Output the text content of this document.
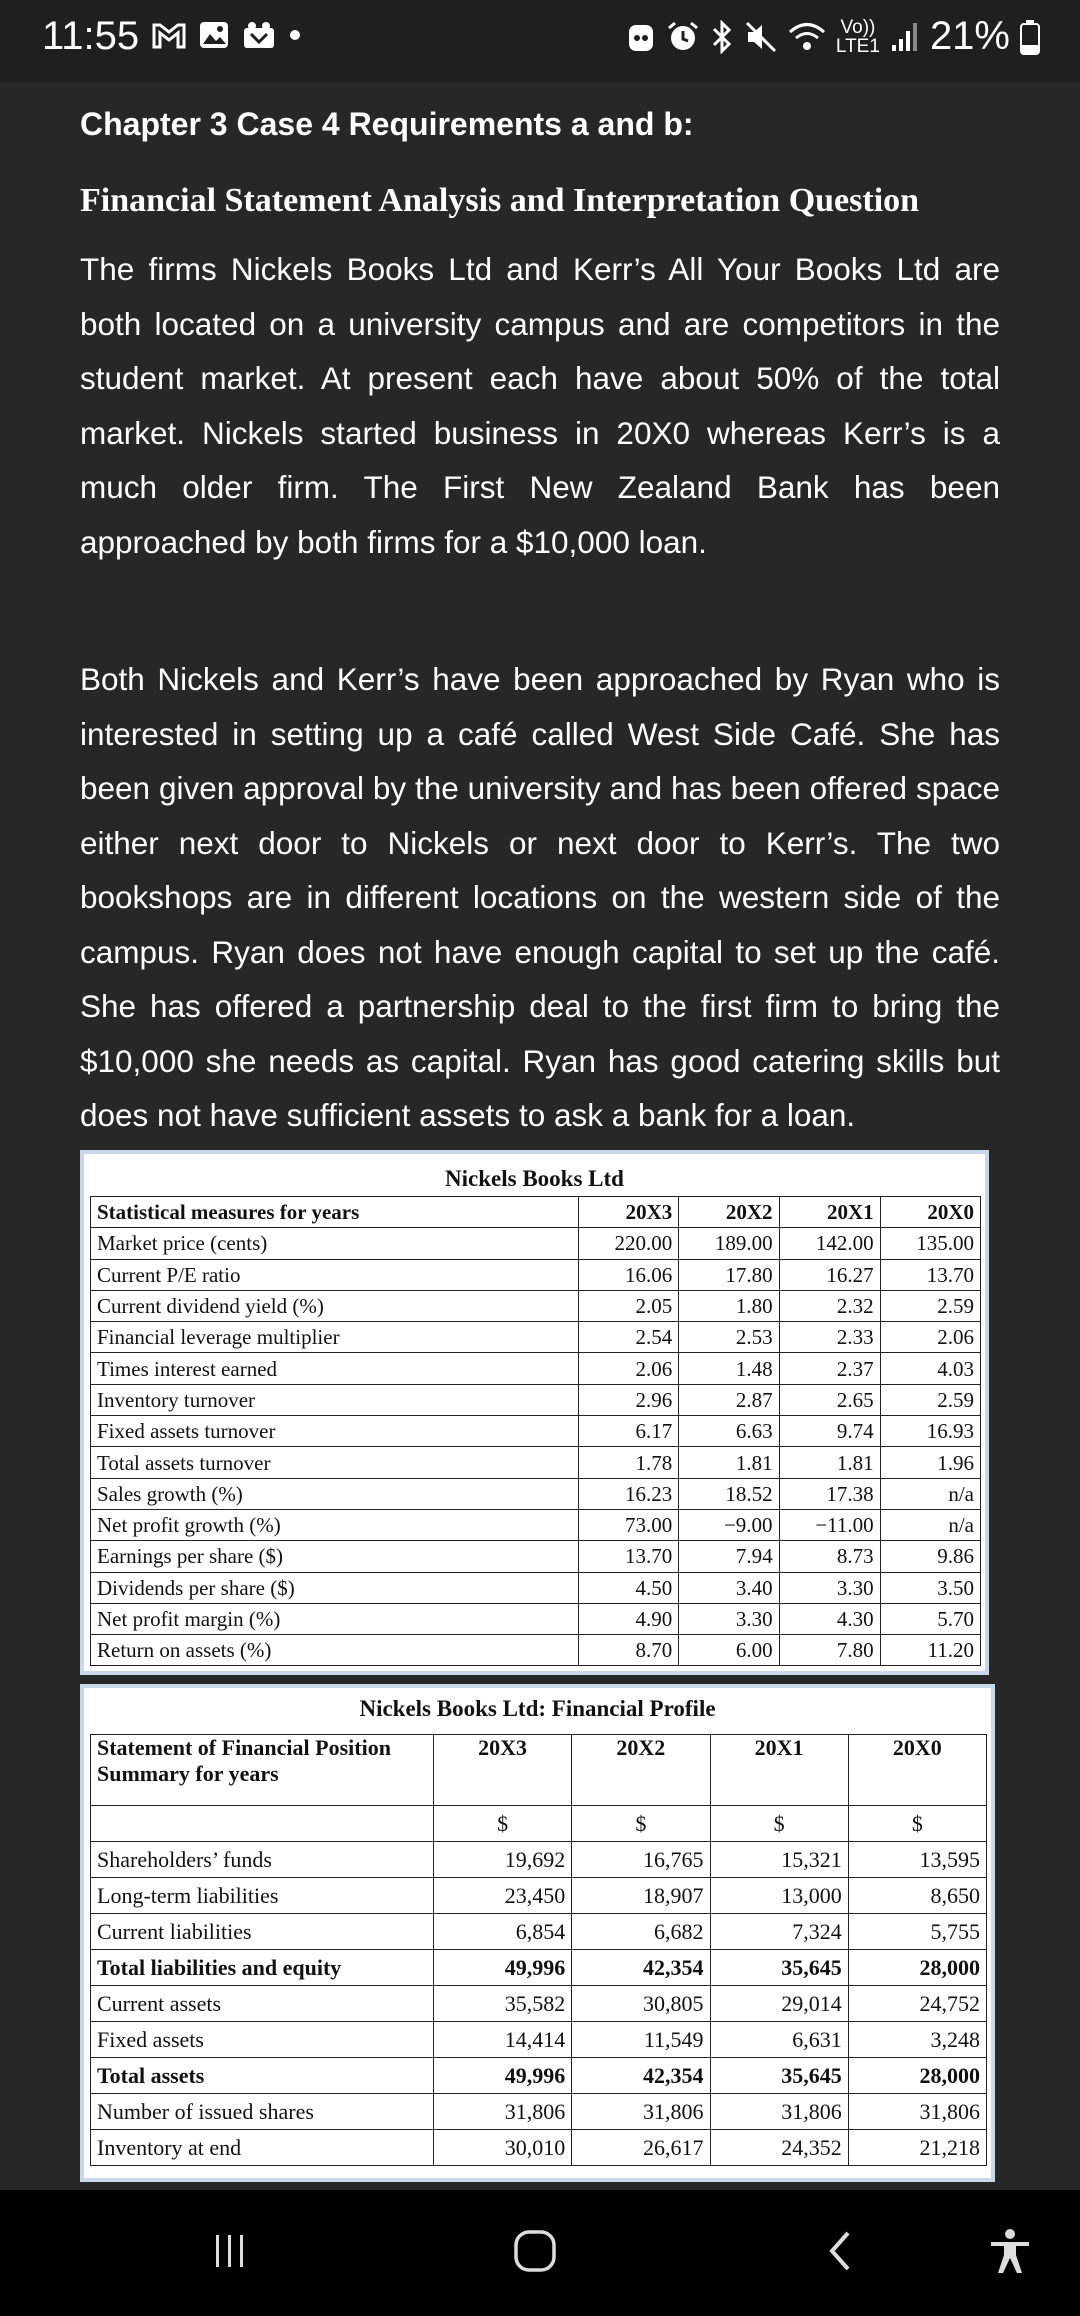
11:55	Vo))
LTE1 21%
Chapter 3 Case 4 Requirements a and b:
Financial Statement Analysis and Interpretation Question
The firms Nickels Books Ltd and Kerr’s All Your Books Ltd are both located on a university campus and are competitors in the student market. At present each have about 50% of the total market. Nickels started business in 20X0 whereas Kerr’s is a much older firm. The First New Zealand Bank has been approached by both firms for a $10,000 loan.
Both Nickels and Kerr’s have been approached by Ryan who is interested in setting up a café called West Side Café. She has been given approval by the university and has been offered space either next door to Nickels or next door to Kerr’s. The two bookshops are in different locations on the western side of the campus. Ryan does not have enough capital to set up the café. She has offered a partnership deal to the first firm to bring the $10,000 she needs as capital. Ryan has good catering skills but does not have sufficient assets to ask a bank for a loan.
Nickels Books Ltd
Statistical measures for years	20X3	20X2	20X1	20X0
Market price (cents)	220.00	189.00	142.00	135.00
Current P/E ratio	16.06	17.80	16.27	13.70
Current dividend yield (%)	2.05	1.80	2.32	2.59
Financial leverage multiplier	2.54	2.53	2.33	2.06
Times interest earned	2.06	1.48	2.37	4.03
Inventory turnover	2.96	2.87	2.65	2.59
Fixed assets turnover	6.17	6.63	9.74	16.93
Total assets turnover	1.78	1.81	1.81	1.96
Sales growth (%)	16.23	18.52	17.38	n/a
Net profit growth (%)	73.00	−9.00	−11.00	n/a
Earnings per share ($)	13.70	7.94	8.73	9.86
Dividends per share ($)	4.50	3.40	3.30	3.50
Net profit margin (%)	4.90	3.30	4.30	5.70
Return on assets (%)	8.70	6.00	7.80	11.20
Nickels Books Ltd: Financial Profile
Statement of Financial Position Summary for years	20X3	20X2	20X1	20X0
	$	$	$	$
Shareholders’ funds	19,692	16,765	15,321	13,595
Long-term liabilities	23,450	18,907	13,000	8,650
Current liabilities	6,854	6,682	7,324	5,755
Total liabilities and equity	49,996	42,354	35,645	28,000
Current assets	35,582	30,805	29,014	24,752
Fixed assets	14,414	11,549	6,631	3,248
Total assets	49,996	42,354	35,645	28,000
Number of issued shares	31,806	31,806	31,806	31,806
Inventory at end	30,010	26,617	24,352	21,218
